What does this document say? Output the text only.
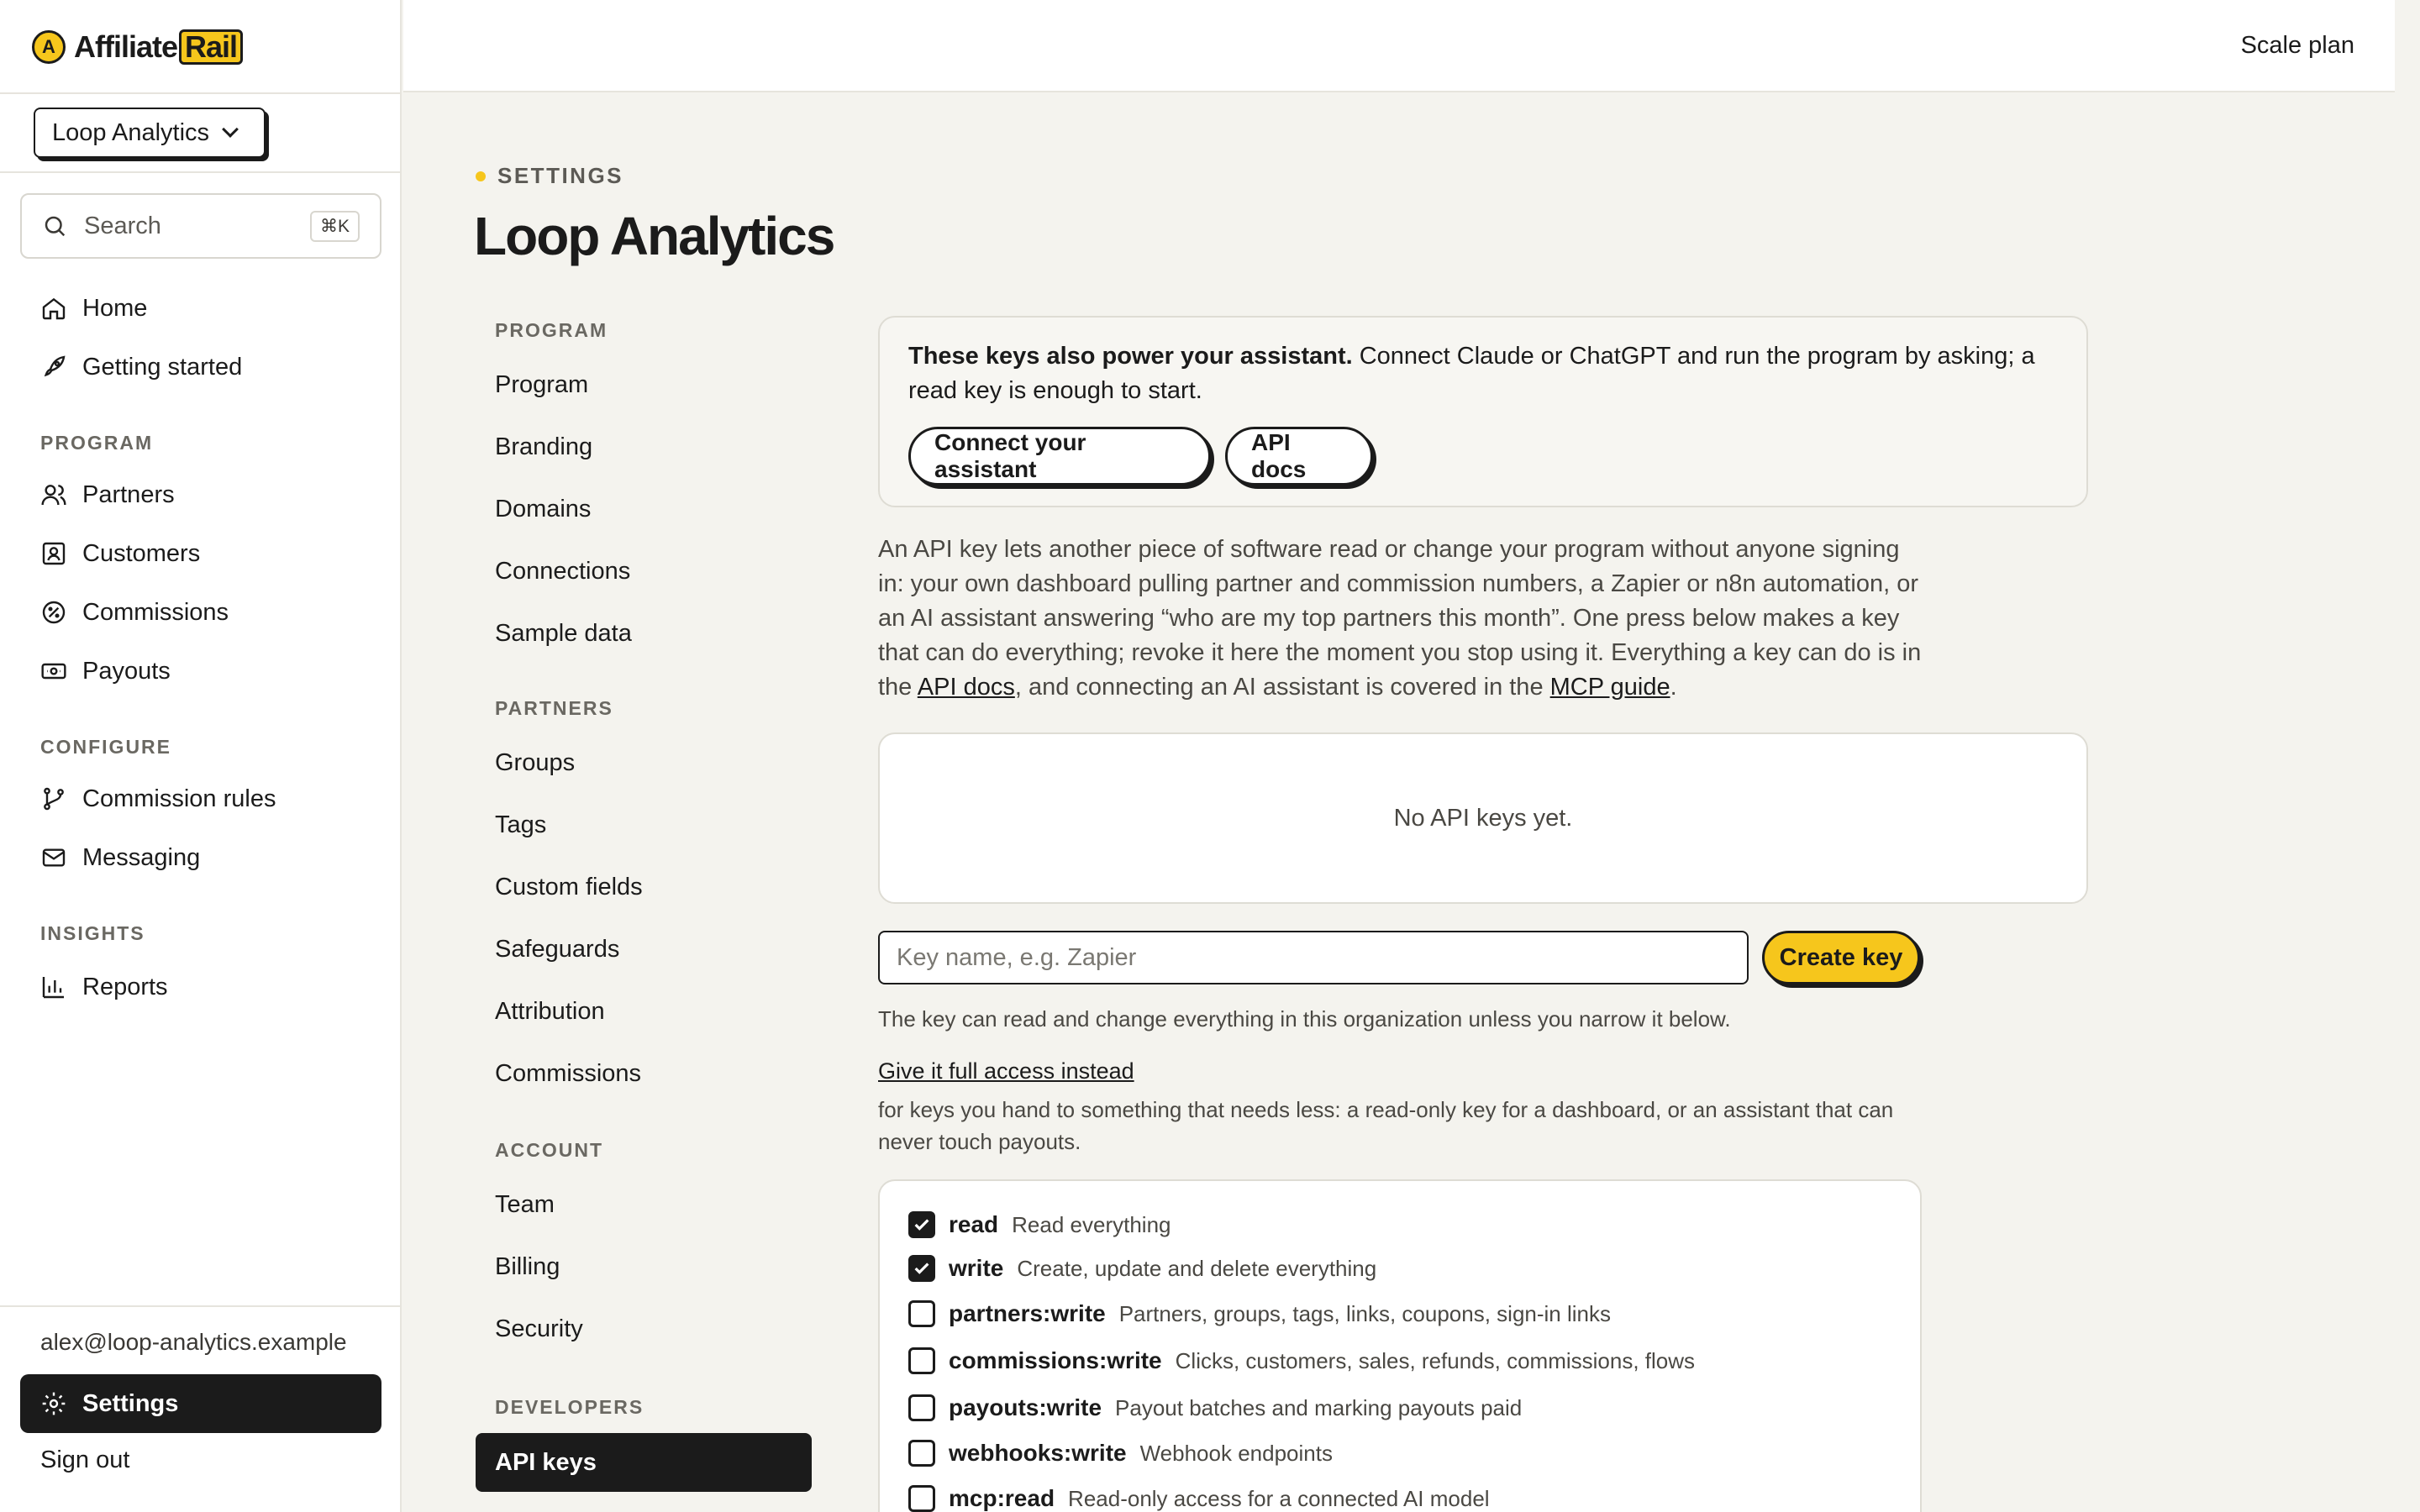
A Affiliate Rail
Loop Analytics
Search	⌘K
Home
Getting started
PROGRAM
Partners
Customers
Commissions
Payouts
CONFIGURE
Commission rules
Messaging
INSIGHTS
Reports
alex@loop-analytics.example
Settings
Sign out
Scale plan
SETTINGS
Loop Analytics
PROGRAM
Program
Branding
Domains
Connections
Sample data
PARTNERS
Groups
Tags
Custom fields
Safeguards
Attribution
Commissions
ACCOUNT
Team
Billing
Security
DEVELOPERS
API keys

These keys also power your assistant. Connect Claude or ChatGPT and run the program by asking; a read key is enough to start.

Connect your assistant
API docs

An API key lets another piece of software read or change your program without anyone signing in: your own dashboard pulling partner and commission numbers, a Zapier or n8n automation, or an AI assistant answering “who are my top partners this month”. One press below makes a key that can do everything; revoke it here the moment you stop using it. Everything a key can do is in the API docs, and connecting an AI assistant is covered in the MCP guide.

No API keys yet.
Key name, e.g. Zapier
Create key
The key can read and change everything in this organization unless you narrow it below.
Give it full access instead

for keys you hand to something that needs less: a read-only key for a dashboard, or an assistant that can never touch payouts.

read Read everything
write Create, update and delete everything
partners:write Partners, groups, tags, links, coupons, sign-in links
commissions:write Clicks, customers, sales, refunds, commissions, flows
payouts:write Payout batches and marking payouts paid
webhooks:write Webhook endpoints
mcp:read Read-only access for a connected AI model
